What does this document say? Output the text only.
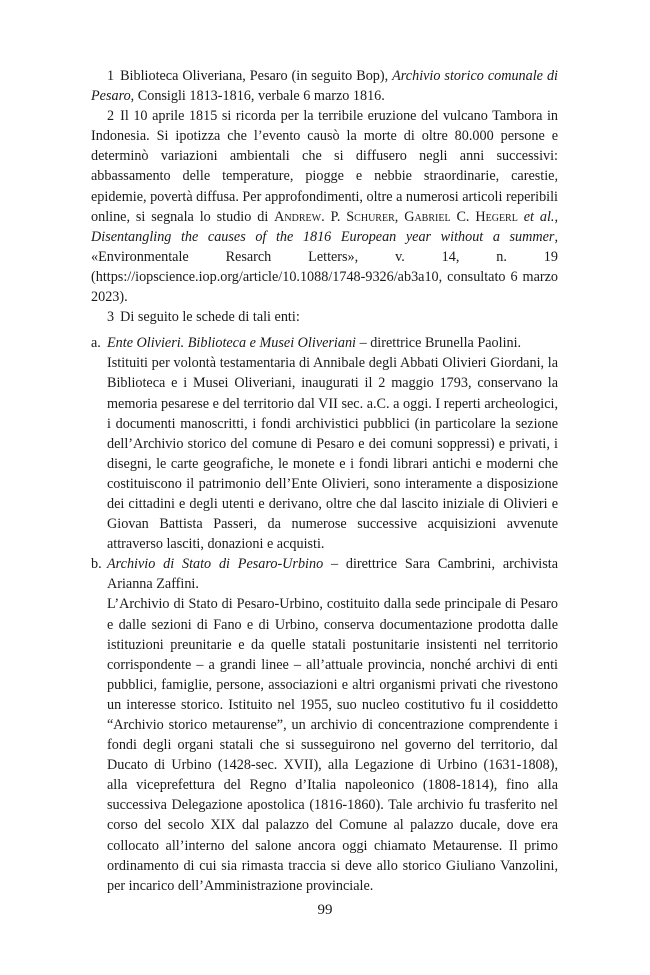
1 Biblioteca Oliveriana, Pesaro (in seguito Bop), Archivio storico comunale di Pesaro, Consigli 1813-1816, verbale 6 marzo 1816.

2 Il 10 aprile 1815 si ricorda per la terribile eruzione del vulcano Tambora in Indonesia. Si ipotizza che l’evento causò la morte di oltre 80.000 persone e determinò variazioni ambientali che si diffusero negli anni successivi: abbassamento delle temperature, piogge e nebbie straordinarie, carestie, epidemie, povertà diffusa. Per approfondimenti, oltre a numerosi articoli reperibili online, si segnala lo studio di Andrew. P. Schurer, Gabriel C. Hegerl et al., Disentangling the causes of the 1816 European year without a summer, «Environmentale Resarch Letters», v. 14, n. 19 (https://iopscience.iop.org/article/10.1088/1748-9326/ab3a10, consultato 6 marzo 2023).

3 Di seguito le schede di tali enti:

a. Ente Olivieri. Biblioteca e Musei Oliveriani – direttrice Brunella Paolini.

Istituiti per volontà testamentaria di Annibale degli Abbati Olivieri Giordani, la Biblioteca e i Musei Oliveriani, inaugurati il 2 maggio 1793, conservano la memoria pesarese e del territorio dal VII sec. a.C. a oggi. I reperti archeologici, i documenti manoscritti, i fondi archivistici pubblici (in particolare la sezione dell’Archivio storico del comune di Pesaro e dei comuni soppressi) e privati, i disegni, le carte geografiche, le monete e i fondi librari antichi e moderni che costituiscono il patrimonio dell’Ente Olivieri, sono interamente a disposizione dei cittadini e degli utenti e derivano, oltre che dal lascito iniziale di Olivieri e Giovan Battista Passeri, da numerose successive acquisizioni avvenute attraverso lasciti, donazioni e acquisti.

b. Archivio di Stato di Pesaro-Urbino – direttrice Sara Cambrini, archivista Arianna Zaffini.

L’Archivio di Stato di Pesaro-Urbino, costituito dalla sede principale di Pesaro e dalle sezioni di Fano e di Urbino, conserva documentazione prodotta dalle istituzioni preunitarie e da quelle statali postunitarie insistenti nel territorio corrispondente – a grandi linee – all’attuale provincia, nonché archivi di enti pubblici, famiglie, persone, associazioni e altri organismi privati che rivestono un interesse storico. Istituito nel 1955, suo nucleo costitutivo fu il cosiddetto “Archivio storico metaurense”, un archivio di concentrazione comprendente i fondi degli organi statali che si susseguirono nel governo del territorio, dal Ducato di Urbino (1428-sec. XVII), alla Legazione di Urbino (1631-1808), alla viceprefettura del Regno d’Italia napoleonico (1808-1814), fino alla successiva Delegazione apostolica (1816-1860). Tale archivio fu trasferito nel corso del secolo XIX dal palazzo del Comune al palazzo ducale, dove era collocato all’interno del salone ancora oggi chiamato Metaurense. Il primo ordinamento di cui sia rimasta traccia si deve allo storico Giuliano Vanzolini, per incarico dell’Amministrazione provinciale.

99
